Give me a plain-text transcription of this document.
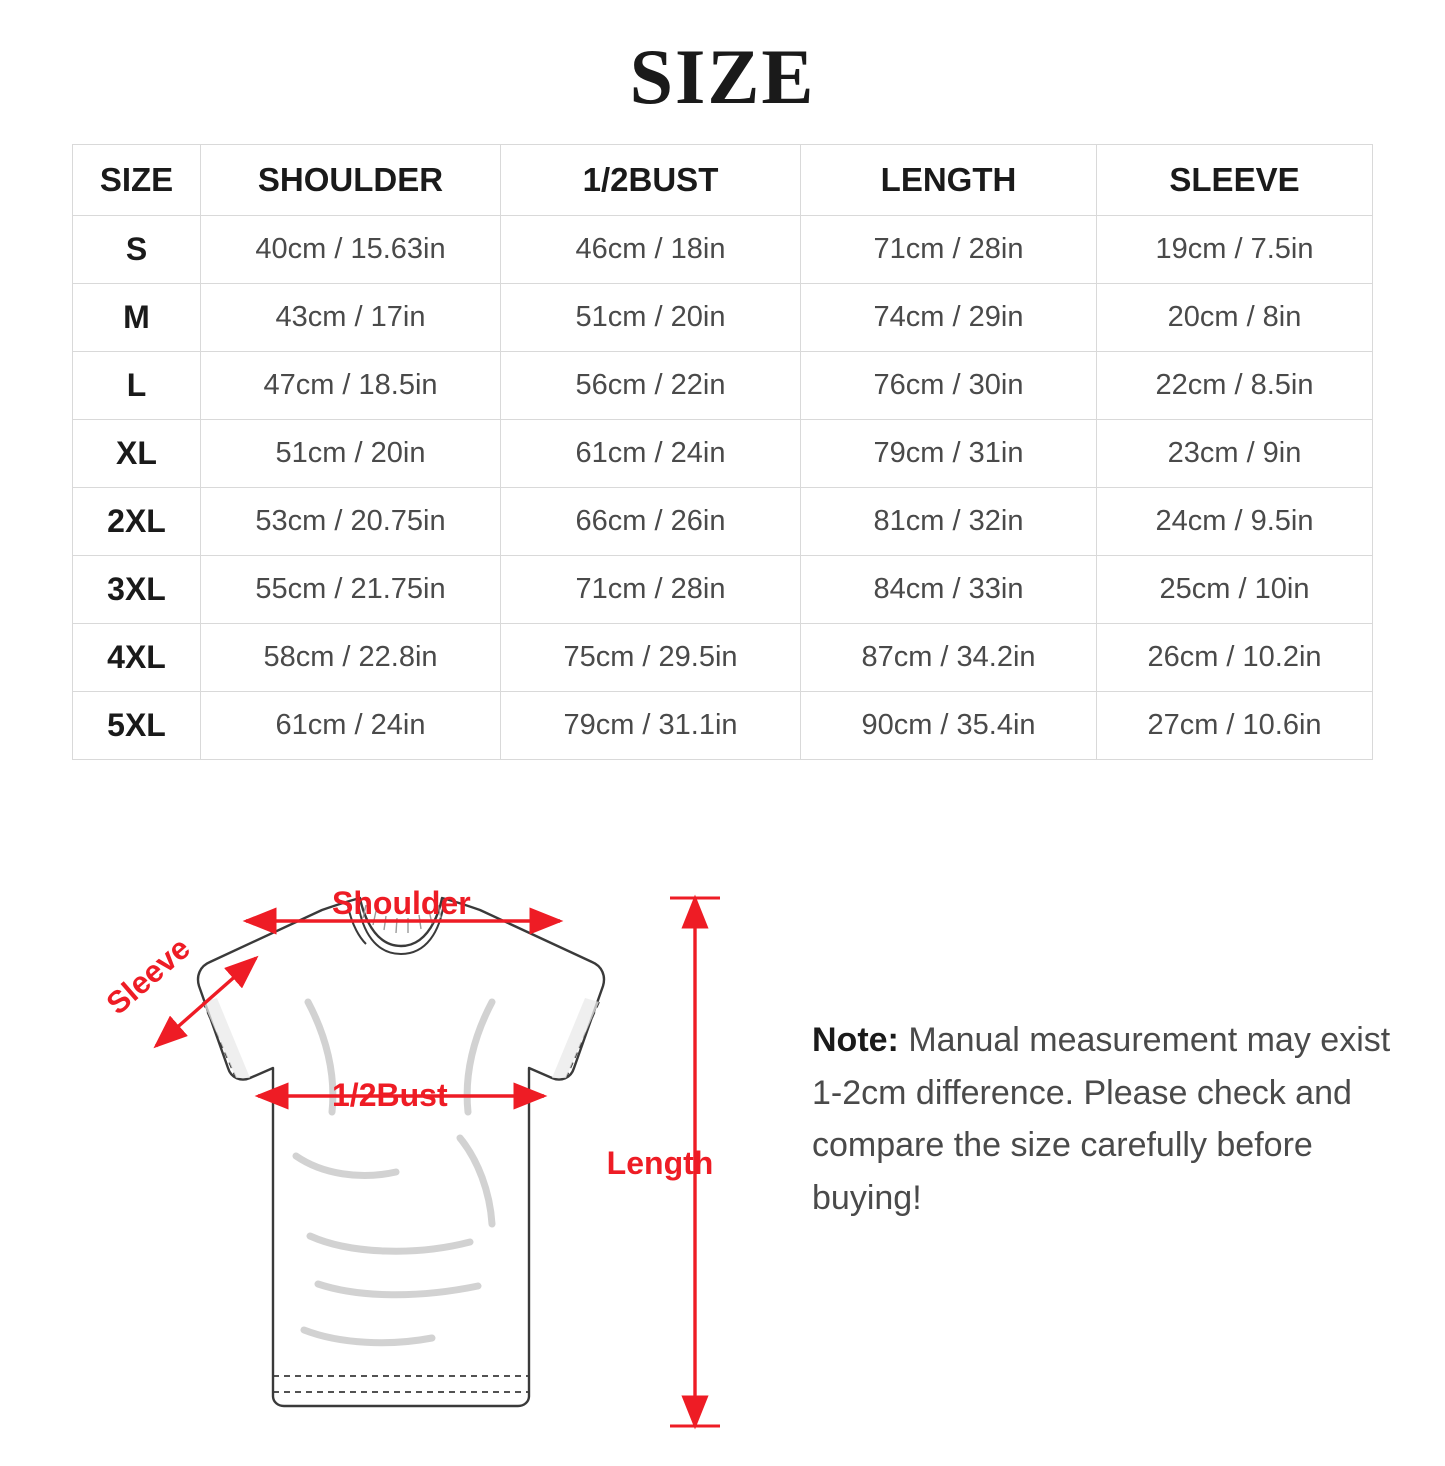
SIZE
SIZE	SHOULDER	1/2BUST	LENGTH	SLEEVE
S	40cm / 15.63in	46cm / 18in	71cm / 28in	19cm / 7.5in
M	43cm / 17in	51cm / 20in	74cm / 29in	20cm / 8in
L	47cm / 18.5in	56cm / 22in	76cm / 30in	22cm / 8.5in
XL	51cm / 20in	61cm / 24in	79cm / 31in	23cm / 9in
2XL	53cm / 20.75in	66cm / 26in	81cm / 32in	24cm / 9.5in
3XL	55cm / 21.75in	71cm / 28in	84cm / 33in	25cm / 10in
4XL	58cm / 22.8in	75cm / 29.5in	87cm / 34.2in	26cm / 10.2in
5XL	61cm / 24in	79cm / 31.1in	90cm / 35.4in	27cm / 10.6in
Sleeve
Shoulder
1/2Bust
Length
Note: Manual measurement may exist 1-2cm difference. Please check and compare the size carefully before buying!
